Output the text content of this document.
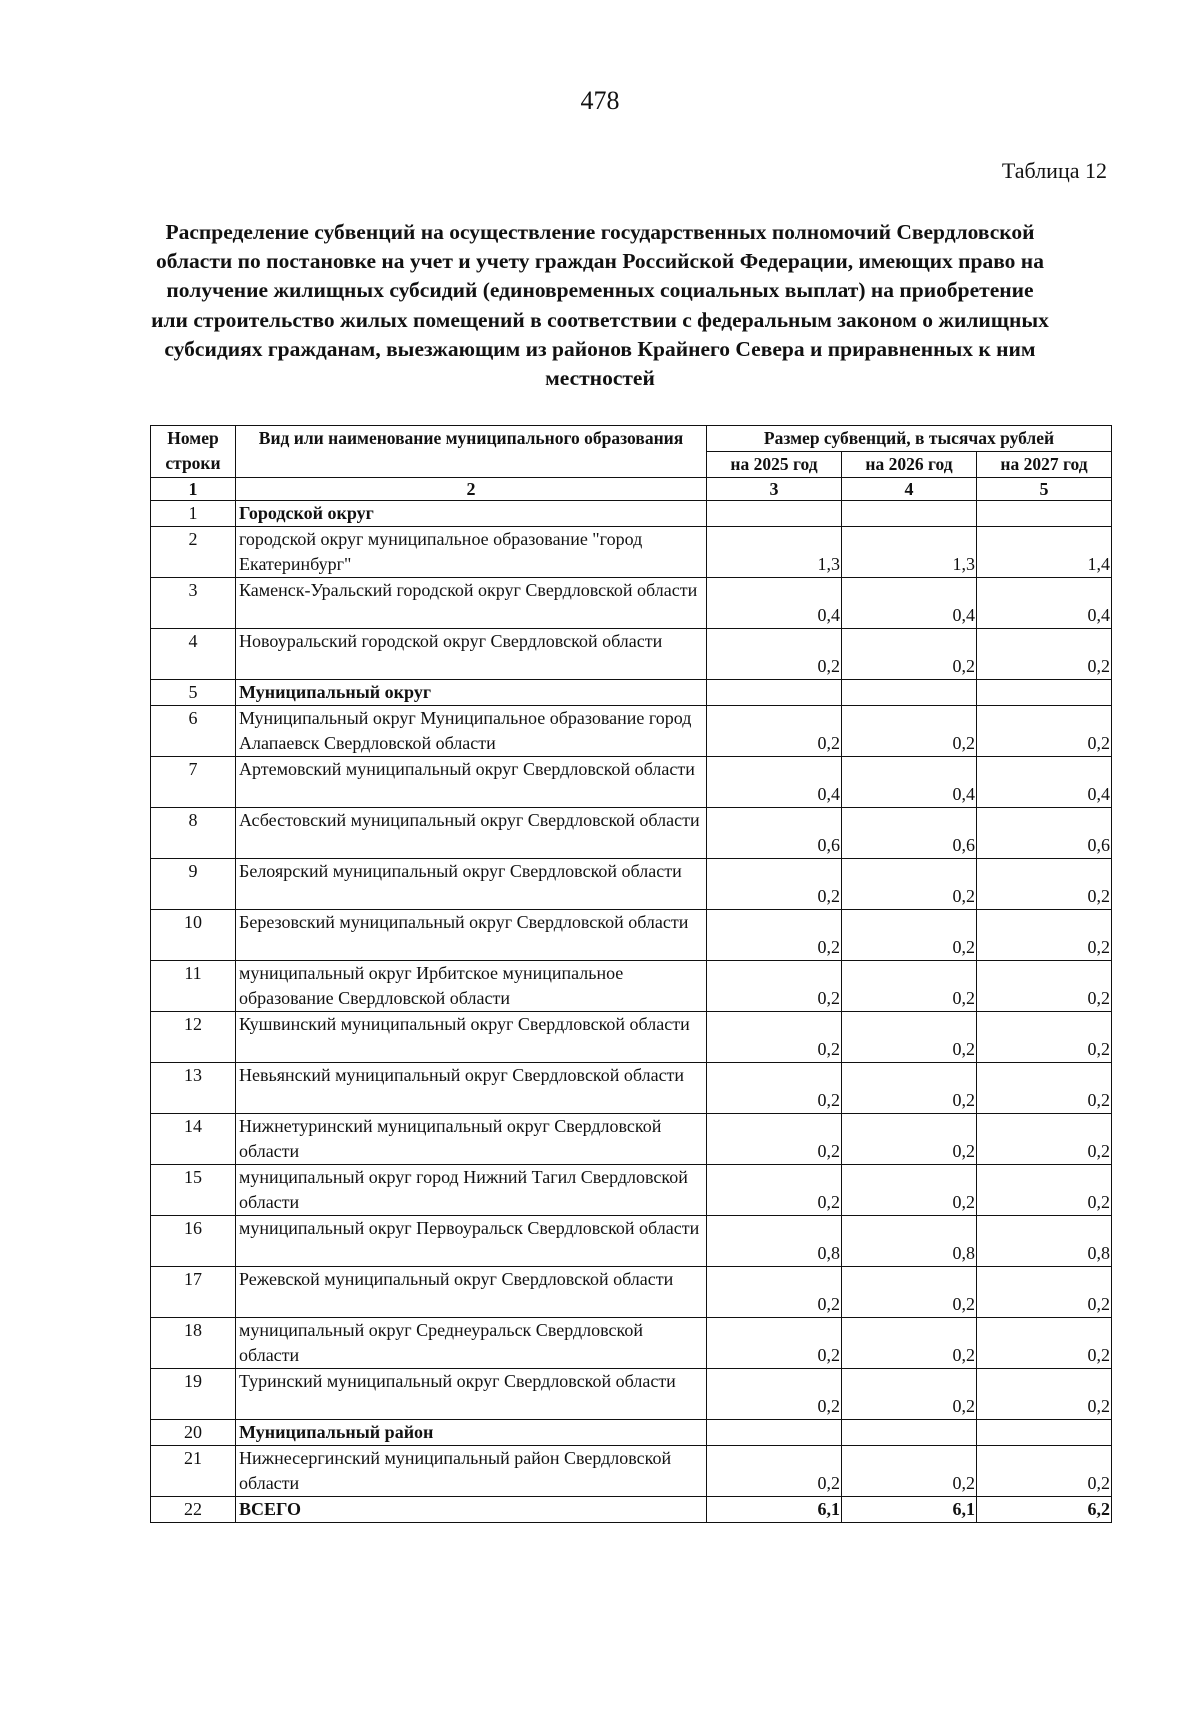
478
Таблица 12
Распределение субвенций на осуществление государственных полномочий Свердловской области по постановке на учет и учету граждан Российской Федерации, имеющих право на получение жилищных субсидий (единовременных социальных выплат) на приобретение или строительство жилых помещений в соответствии с федеральным законом о жилищных субсидиях гражданам, выезжающим из районов Крайнего Севера и приравненных к ним местностей
Номер строки	Вид или наименование муниципального образования	Размер субвенций, в тысячах рублей		
		на 2025 год	на 2026 год	на 2027 год
1	2	3	4	5
1	Городской округ			
2	городской округ муниципальное образование "город Екатеринбург"	1,3	1,3	1,4
3	Каменск-Уральский городской округ Свердловской области	0,4	0,4	0,4
4	Новоуральский городской округ Свердловской области	0,2	0,2	0,2
5	Муниципальный округ			
6	Муниципальный округ Муниципальное образование город Алапаевск Свердловской области	0,2	0,2	0,2
7	Артемовский муниципальный округ Свердловской области	0,4	0,4	0,4
8	Асбестовский муниципальный округ Свердловской области	0,6	0,6	0,6
9	Белоярский муниципальный округ Свердловской области	0,2	0,2	0,2
10	Березовский муниципальный округ Свердловской области	0,2	0,2	0,2
11	муниципальный округ Ирбитское муниципальное образование Свердловской области	0,2	0,2	0,2
12	Кушвинский муниципальный округ Свердловской области	0,2	0,2	0,2
13	Невьянский муниципальный округ Свердловской области	0,2	0,2	0,2
14	Нижнетуринский муниципальный округ Свердловской области	0,2	0,2	0,2
15	муниципальный округ город Нижний Тагил Свердловской области	0,2	0,2	0,2
16	муниципальный округ Первоуральск Свердловской области	0,8	0,8	0,8
17	Режевской муниципальный округ Свердловской области	0,2	0,2	0,2
18	муниципальный округ Среднеуральск Свердловской области	0,2	0,2	0,2
19	Туринский муниципальный округ Свердловской области	0,2	0,2	0,2
20	Муниципальный район			
21	Нижнесергинский муниципальный район Свердловской области	0,2	0,2	0,2
22	ВСЕГО	6,1	6,1	6,2
